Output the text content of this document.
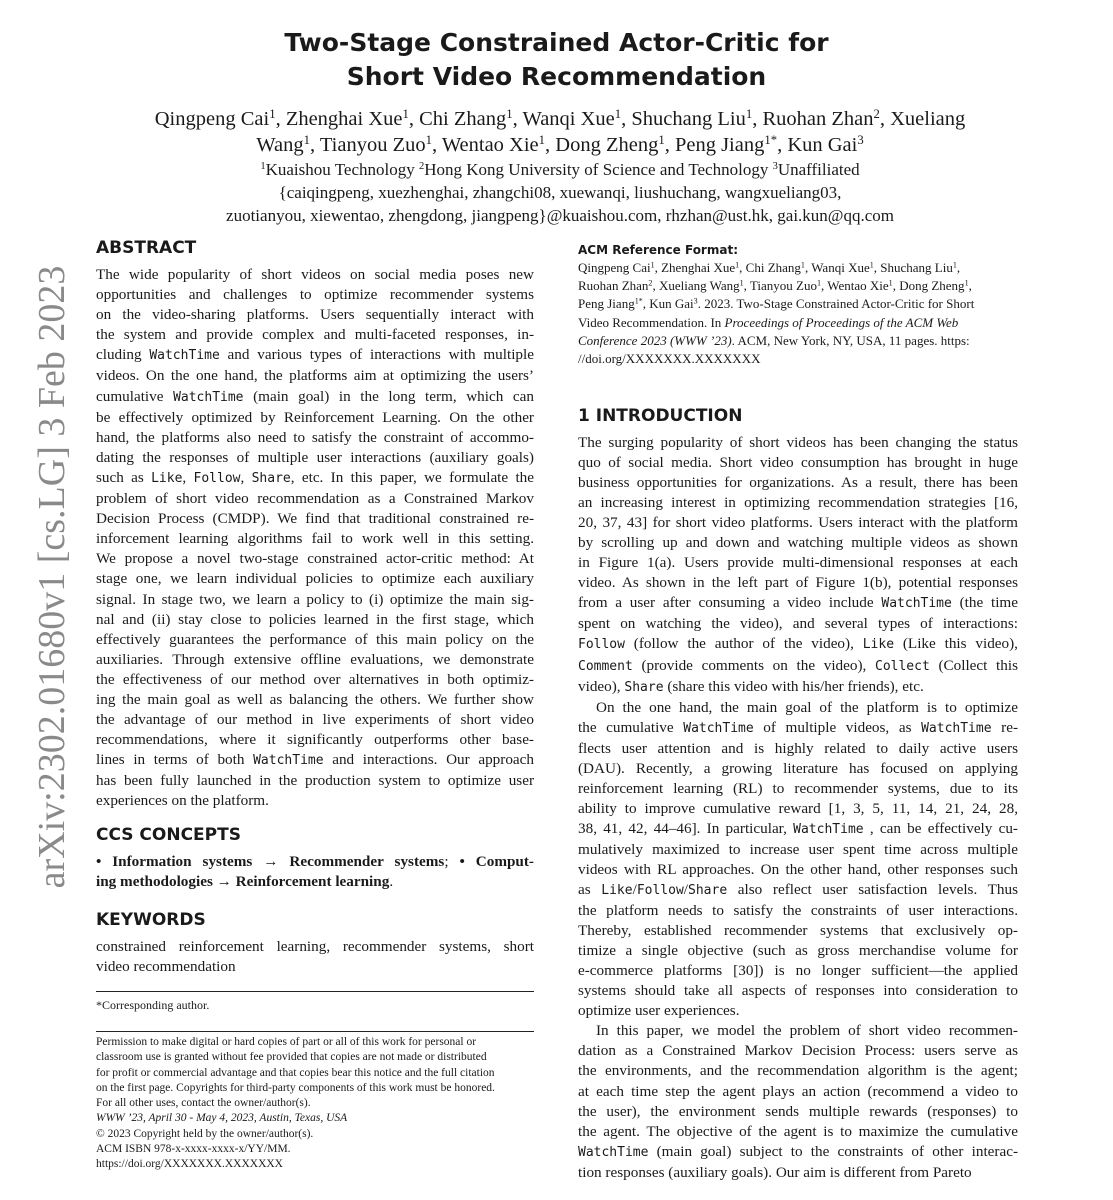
Two-Stage Constrained Actor-Critic for
Short Video Recommendation
Qingpeng Cai$^1$, Zhenghai Xue$^1$, Chi Zhang$^1$, Wanqi Xue$^1$, Shuchang Liu$^1$, Ruohan Zhan$^2$, Xueliang
Wang$^1$, Tianyou Zuo$^1$, Wentao Xie$^1$, Dong Zheng$^1$, Peng Jiang$^{1*}$, Kun Gai$^3$
$^1$Kuaishou Technology $^2$Hong Kong University of Science and Technology $^3$Unaffiliated
{caiqingpeng, xuezhenghai, zhangchi08, xuewanqi, liushuchang, wangxueliang03,
zuotianyou, xiewentao, zhengdong, jiangpeng}@kuaishou.com, rhzhan@ust.hk, gai.kun@qq.com
arXiv:2302.01680v1 [cs.LG] 3 Feb 2023
ABSTRACT
The wide popularity of short videos on social media poses new
opportunities and challenges to optimize recommender systems
on the video-sharing platforms. Users sequentially interact with
the system and provide complex and multi-faceted responses, in-
cluding WatchTime and various types of interactions with multiple
videos. On the one hand, the platforms aim at optimizing the users’
cumulative WatchTime (main goal) in the long term, which can
be effectively optimized by Reinforcement Learning. On the other
hand, the platforms also need to satisfy the constraint of accommo-
dating the responses of multiple user interactions (auxiliary goals)
such as Like, Follow, Share, etc. In this paper, we formulate the
problem of short video recommendation as a Constrained Markov
Decision Process (CMDP). We find that traditional constrained re-
inforcement learning algorithms fail to work well in this setting.
We propose a novel two-stage constrained actor-critic method: At
stage one, we learn individual policies to optimize each auxiliary
signal. In stage two, we learn a policy to (i) optimize the main sig-
nal and (ii) stay close to policies learned in the first stage, which
effectively guarantees the performance of this main policy on the
auxiliaries. Through extensive offline evaluations, we demonstrate
the effectiveness of our method over alternatives in both optimiz-
ing the main goal as well as balancing the others. We further show
the advantage of our method in live experiments of short video
recommendations, where it significantly outperforms other base-
lines in terms of both WatchTime and interactions. Our approach
has been fully launched in the production system to optimize user
experiences on the platform.
CCS CONCEPTS
• Information systems → Recommender systems; • Comput-
ing methodologies → Reinforcement learning.
KEYWORDS
constrained reinforcement learning, recommender systems, short
video recommendation
*Corresponding author.
Permission to make digital or hard copies of part or all of this work for personal or
classroom use is granted without fee provided that copies are not made or distributed
for profit or commercial advantage and that copies bear this notice and the full citation
on the first page. Copyrights for third-party components of this work must be honored.
For all other uses, contact the owner/author(s).
WWW ’23, April 30 - May 4, 2023, Austin, Texas, USA
© 2023 Copyright held by the owner/author(s).
ACM ISBN 978-x-xxxx-xxxx-x/YY/MM.
https://doi.org/XXXXXXX.XXXXXXX
ACM Reference Format:
Qingpeng Cai$^1$, Zhenghai Xue$^1$, Chi Zhang$^1$, Wanqi Xue$^1$, Shuchang Liu$^1$,
Ruohan Zhan$^2$, Xueliang Wang$^1$, Tianyou Zuo$^1$, Wentao Xie$^1$, Dong Zheng$^1$,
Peng Jiang$^{1*}$, Kun Gai$^3$. 2023. Two-Stage Constrained Actor-Critic for Short
Video Recommendation. In Proceedings of Proceedings of the ACM Web
Conference 2023 (WWW ’23). ACM, New York, NY, USA, 11 pages. https:
//doi.org/XXXXXXX.XXXXXXX
1 INTRODUCTION
The surging popularity of short videos has been changing the status
quo of social media. Short video consumption has brought in huge
business opportunities for organizations. As a result, there has been
an increasing interest in optimizing recommendation strategies [16,
20, 37, 43] for short video platforms. Users interact with the platform
by scrolling up and down and watching multiple videos as shown
in Figure 1(a). Users provide multi-dimensional responses at each
video. As shown in the left part of Figure 1(b), potential responses
from a user after consuming a video include WatchTime (the time
spent on watching the video), and several types of interactions:
Follow (follow the author of the video), Like (Like this video),
Comment (provide comments on the video), Collect (Collect this
video), Share (share this video with his/her friends), etc.
On the one hand, the main goal of the platform is to optimize
the cumulative WatchTime of multiple videos, as WatchTime re-
flects user attention and is highly related to daily active users
(DAU). Recently, a growing literature has focused on applying
reinforcement learning (RL) to recommender systems, due to its
ability to improve cumulative reward [1, 3, 5, 11, 14, 21, 24, 28,
38, 41, 42, 44–46]. In particular, WatchTime , can be effectively cu-
mulatively maximized to increase user spent time across multiple
videos with RL approaches. On the other hand, other responses such
as Like/Follow/Share also reflect user satisfaction levels. Thus
the platform needs to satisfy the constraints of user interactions.
Thereby, established recommender systems that exclusively op-
timize a single objective (such as gross merchandise volume for
e-commerce platforms [30]) is no longer sufficient—the applied
systems should take all aspects of responses into consideration to
optimize user experiences.
In this paper, we model the problem of short video recommen-
dation as a Constrained Markov Decision Process: users serve as
the environments, and the recommendation algorithm is the agent;
at each time step the agent plays an action (recommend a video to
the user), the environment sends multiple rewards (responses) to
the agent. The objective of the agent is to maximize the cumulative
WatchTime (main goal) subject to the constraints of other interac-
tion responses (auxiliary goals). Our aim is different from Pareto
